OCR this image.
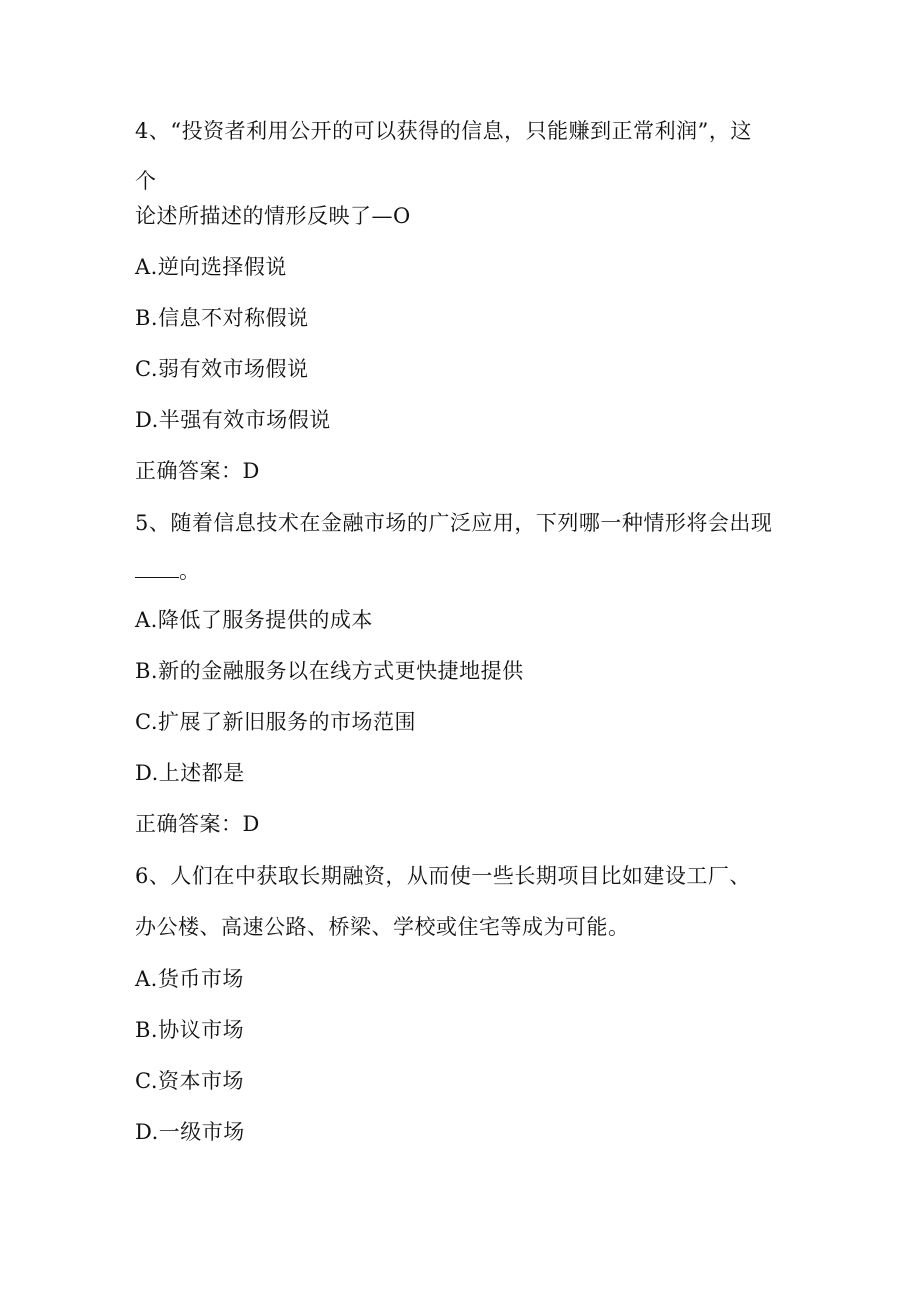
4、“投资者利用公开的可以获得的信息，只能赚到正常利润”，这
个
论述所描述的情形反映了—O
A.逆向选择假说
B.信息不对称假说
C.弱有效市场假说
D.半强有效市场假说
正确答案：D
5、随着信息技术在金融市场的广泛应用，下列哪一种情形将会出现
。
A.降低了服务提供的成本
B.新的金融服务以在线方式更快捷地提供
C.扩展了新旧服务的市场范围
D.上述都是
正确答案：D
6、人们在中获取长期融资，从而使一些长期项目比如建设工厂、
办公楼、高速公路、桥梁、学校或住宅等成为可能。
A.货币市场
B.协议市场
C.资本市场
D.一级市场
